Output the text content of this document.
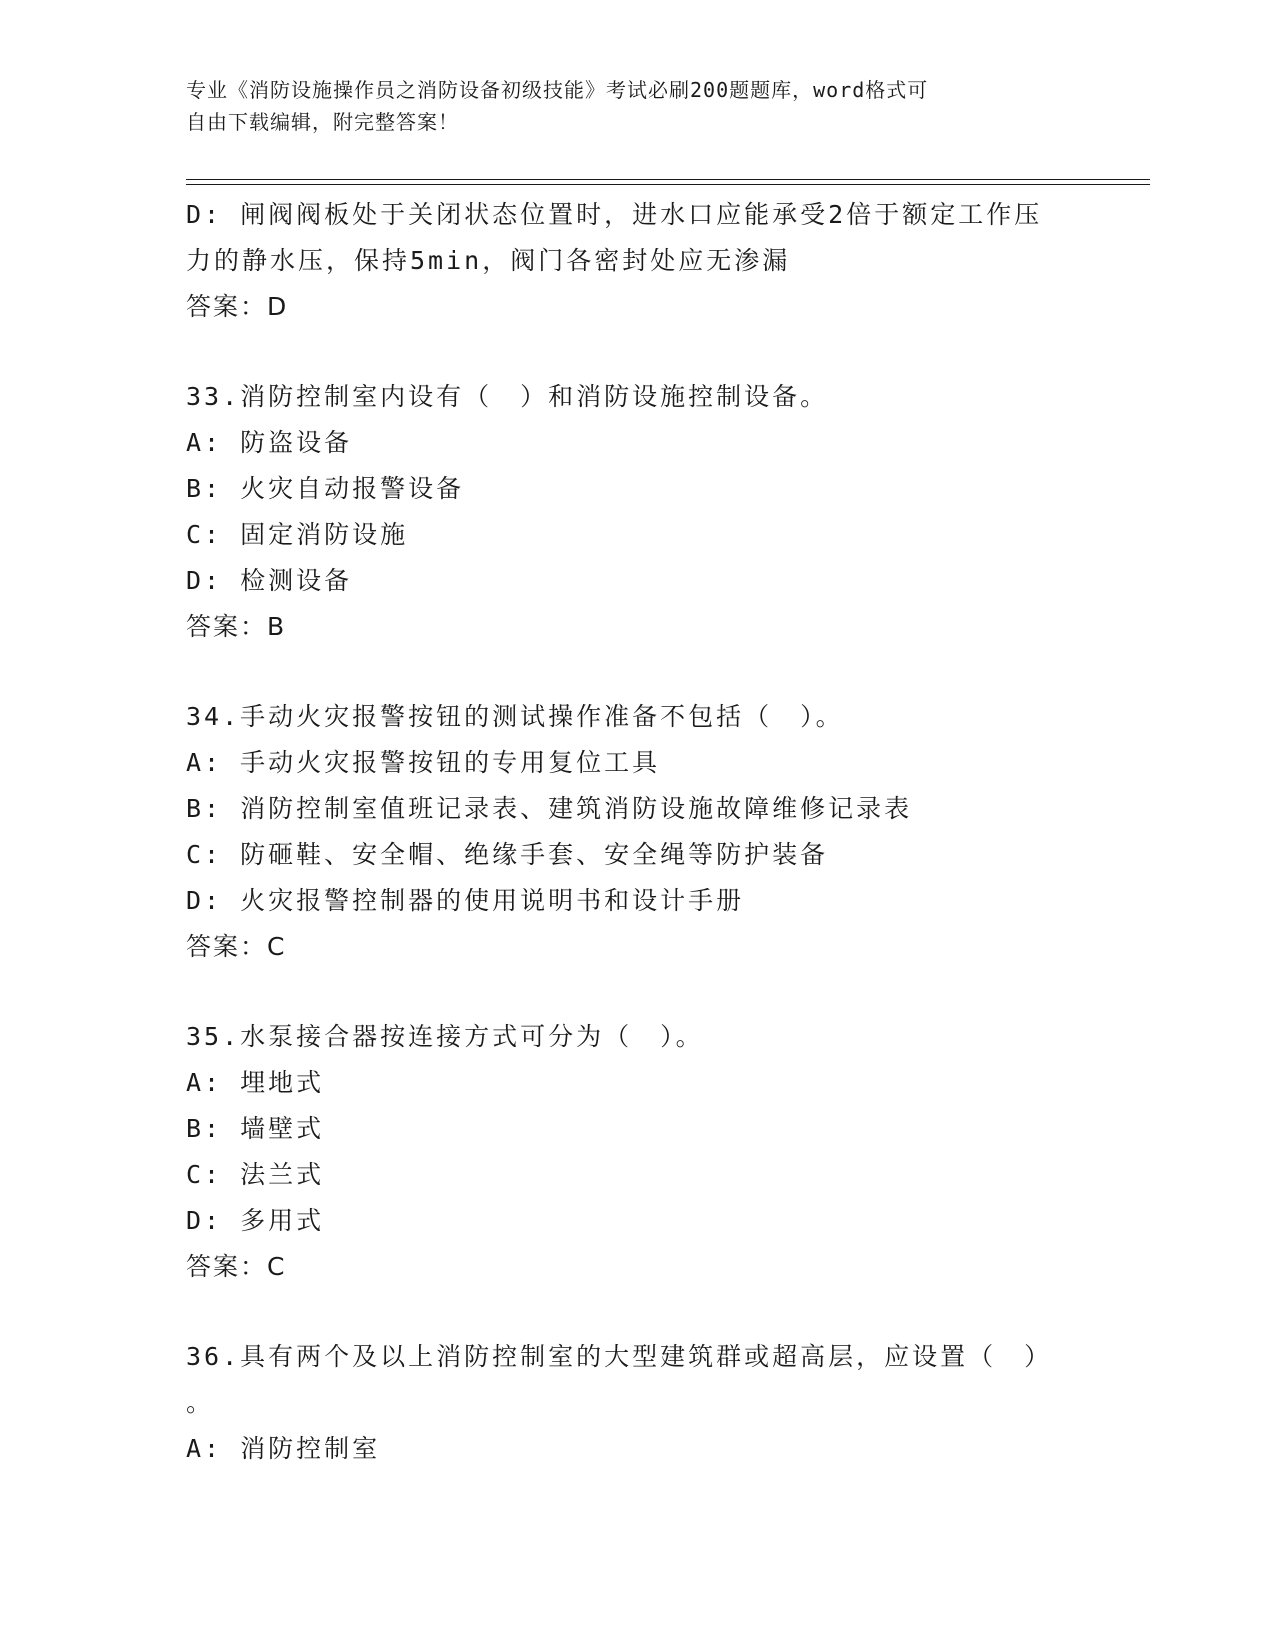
专业《消防设施操作员之消防设备初级技能》考试必刷200题题库，word格式可
自由下载编辑，附完整答案！
D: 闸阀阀板处于关闭状态位置时，进水口应能承受2倍于额定工作压
力的静水压，保持5min，阀门各密封处应无渗漏
答案：D
33.消防控制室内设有（　）和消防设施控制设备。
A: 防盗设备
B: 火灾自动报警设备
C: 固定消防设施
D: 检测设备
答案：B
34.手动火灾报警按钮的测试操作准备不包括（　）。
A: 手动火灾报警按钮的专用复位工具
B: 消防控制室值班记录表、建筑消防设施故障维修记录表
C: 防砸鞋、安全帽、绝缘手套、安全绳等防护装备
D: 火灾报警控制器的使用说明书和设计手册
答案：C
35.水泵接合器按连接方式可分为（　）。
A: 埋地式
B: 墙壁式
C: 法兰式
D: 多用式
答案：C
36.具有两个及以上消防控制室的大型建筑群或超高层，应设置（　）
。
A: 消防控制室
